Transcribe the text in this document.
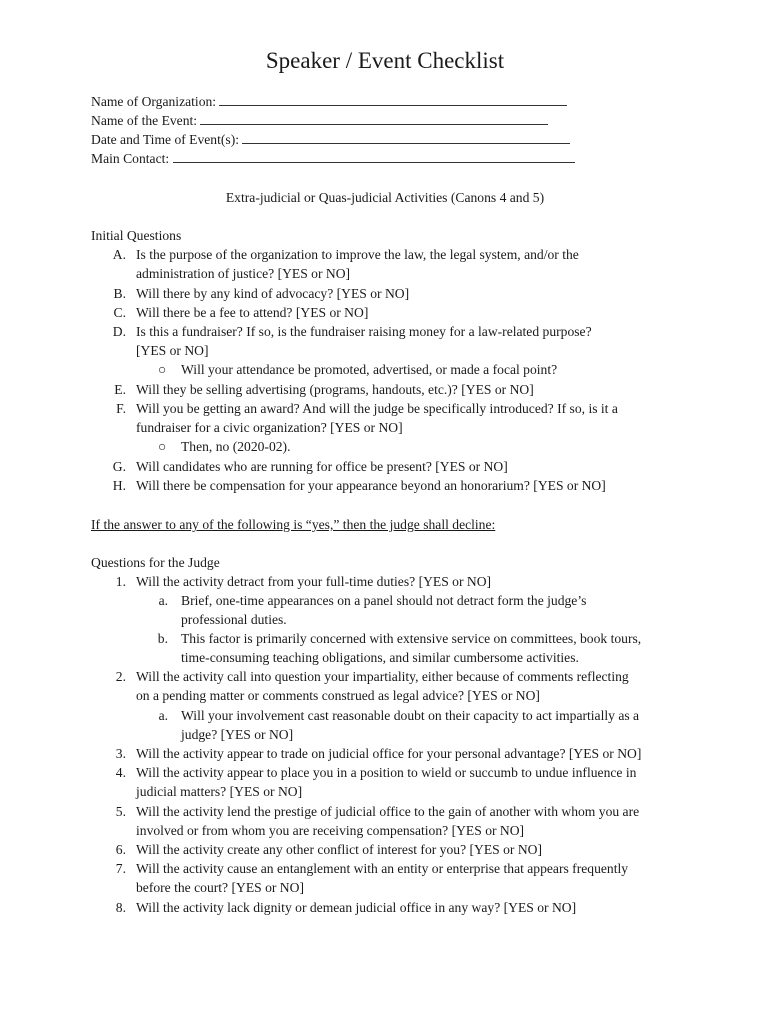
Speaker / Event Checklist
Name of Organization:
Name of the Event:
Date and Time of Event(s):
Main Contact:
Extra-judicial or Quas-judicial Activities (Canons 4 and 5)
Initial Questions
A. Is the purpose of the organization to improve the law, the legal system, and/or the
administration of justice? [YES or NO]
B. Will there by any kind of advocacy? [YES or NO]
C. Will there be a fee to attend? [YES or NO]
D. Is this a fundraiser? If so, is the fundraiser raising money for a law-related purpose?
[YES or NO]
○ Will your attendance be promoted, advertised, or made a focal point?
E. Will they be selling advertising (programs, handouts, etc.)? [YES or NO]
F. Will you be getting an award? And will the judge be specifically introduced? If so, is it a
fundraiser for a civic organization? [YES or NO]
○ Then, no (2020-02).
G. Will candidates who are running for office be present? [YES or NO]
H. Will there be compensation for your appearance beyond an honorarium? [YES or NO]
If the answer to any of the following is “yes,” then the judge shall decline:
Questions for the Judge
1. Will the activity detract from your full-time duties? [YES or NO]
a. Brief, one-time appearances on a panel should not detract form the judge’s
professional duties.
b. This factor is primarily concerned with extensive service on committees, book tours,
time-consuming teaching obligations, and similar cumbersome activities.
2. Will the activity call into question your impartiality, either because of comments reflecting
on a pending matter or comments construed as legal advice? [YES or NO]
a. Will your involvement cast reasonable doubt on their capacity to act impartially as a
judge? [YES or NO]
3. Will the activity appear to trade on judicial office for your personal advantage? [YES or NO]
4. Will the activity appear to place you in a position to wield or succumb to undue influence in
judicial matters? [YES or NO]
5. Will the activity lend the prestige of judicial office to the gain of another with whom you are
involved or from whom you are receiving compensation? [YES or NO]
6. Will the activity create any other conflict of interest for you? [YES or NO]
7. Will the activity cause an entanglement with an entity or enterprise that appears frequently
before the court? [YES or NO]
8. Will the activity lack dignity or demean judicial office in any way? [YES or NO]
